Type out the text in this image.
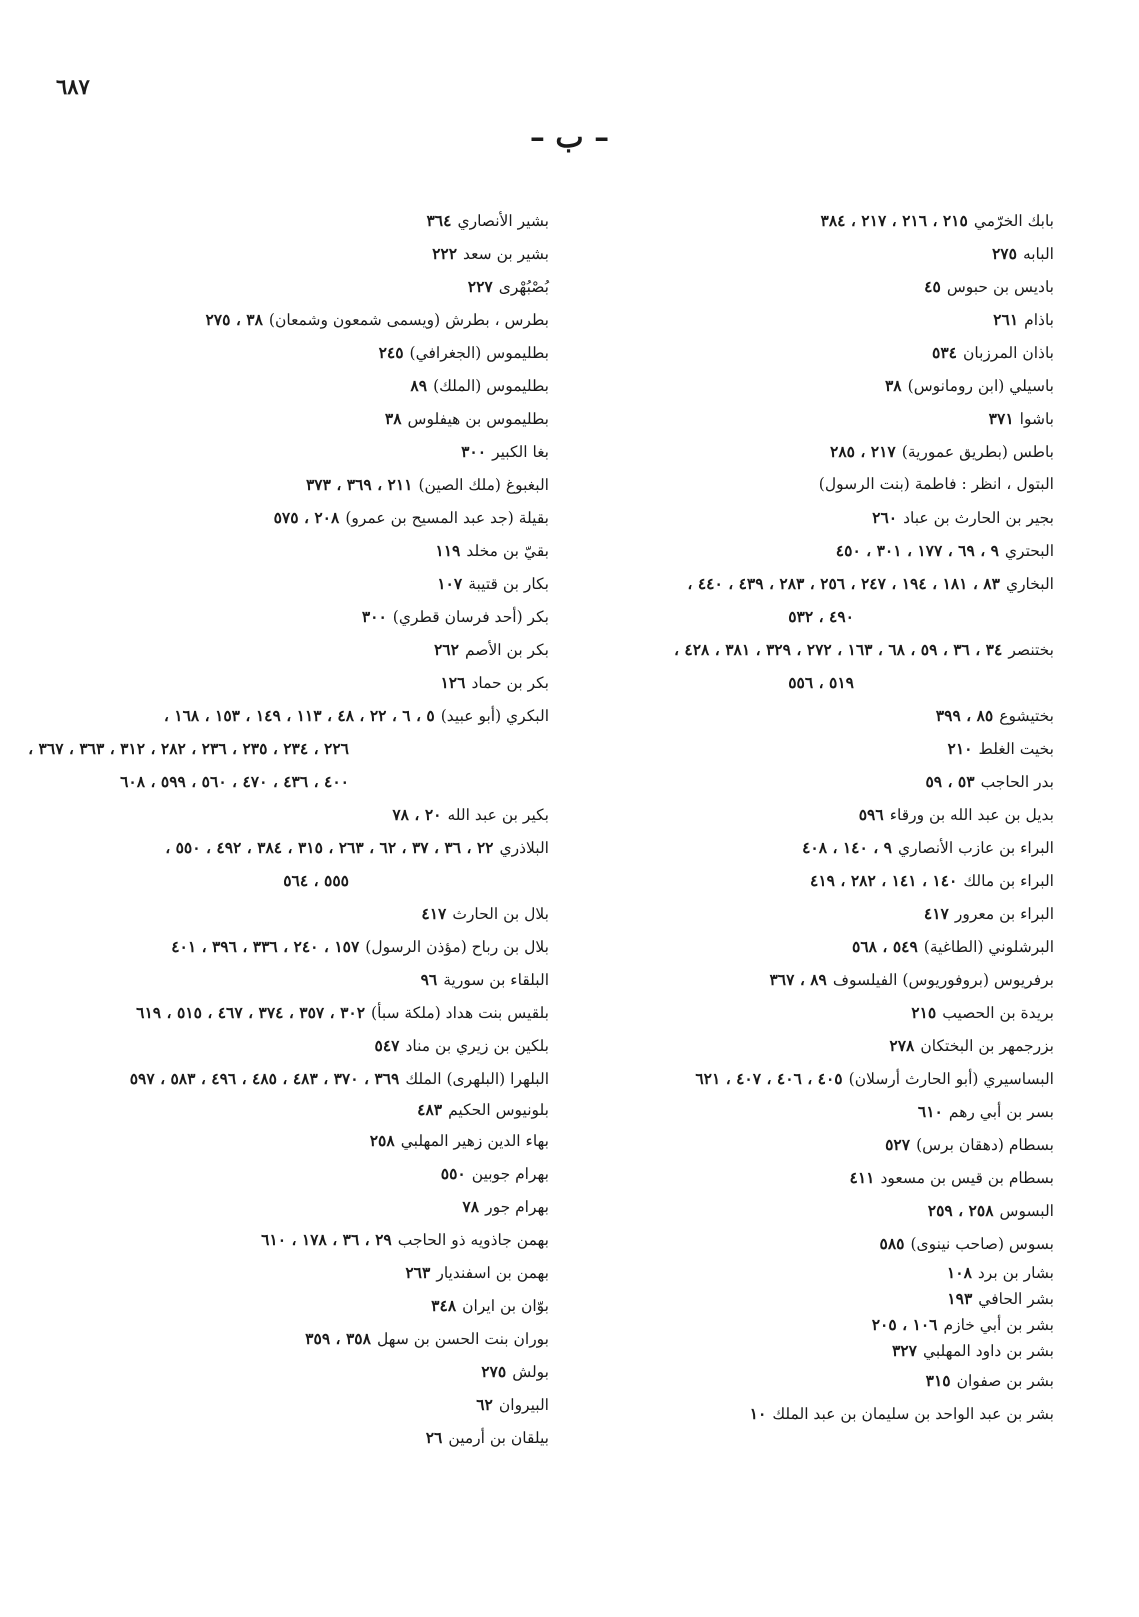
٦٨٧
– ب –
بابك الخرّمي٢١٥ ، ٢١٦ ، ٢١٧ ، ٣٨٤
البابه٢٧٥
باديس بن حبوس٤٥
باذام٢٦١
باذان المرزبان٥٣٤
باسيلي (ابن رومانوس)٣٨
باشوا٣٧١
باطس (بطريق عمورية)٢١٧ ، ٢٨٥
البتول ، انظر : فاطمة (بنت الرسول)
بجير بن الحارث بن عباد٢٦٠
البحتري٩ ، ٦٩ ، ١٧٧ ، ٣٠١ ، ٤٥٠
البخاري٨٣ ، ١٨١ ، ١٩٤ ، ٢٤٧ ، ٢٥٦ ، ٢٨٣ ، ٤٣٩ ، ٤٤٠ ،
٤٩٠ ، ٥٣٢
بختنصر٣٤ ، ٣٦ ، ٥٩ ، ٦٨ ، ١٦٣ ، ٢٧٢ ، ٣٢٩ ، ٣٨١ ، ٤٢٨ ،
٥١٩ ، ٥٥٦
بختيشوع٨٥ ، ٣٩٩
بخيت الغلط٢١٠
بدر الحاجب٥٣ ، ٥٩
بديل بن عبد الله بن ورقاء٥٩٦
البراء بن عازب الأنصاري٩ ، ١٤٠ ، ٤٠٨
البراء بن مالك١٤٠ ، ١٤١ ، ٢٨٢ ، ٤١٩
البراء بن معرور٤١٧
البرشلوني (الطاغية)٥٤٩ ، ٥٦٨
برفريوس (بروفوريوس) الفيلسوف٨٩ ، ٣٦٧
بريدة بن الحصيب٢١٥
بزرجمهر بن البختكان٢٧٨
البساسيري (أبو الحارث أرسلان)٤٠٥ ، ٤٠٦ ، ٤٠٧ ، ٦٢١
بسر بن أبي رهم٦١٠
بسطام (دهقان برس)٥٢٧
بسطام بن قيس بن مسعود٤١١
البسوس٢٥٨ ، ٢٥٩
بسوس (صاحب نينوى)٥٨٥
بشار بن برد١٠٨
بشر الحافي١٩٣
بشر بن أبي خازم١٠٦ ، ٢٠٥
بشر بن داود المهلبي٣٢٧
بشر بن صفوان٣١٥
بشر بن عبد الواحد بن سليمان بن عبد الملك١٠
بشير الأنصاري٣٦٤
بشير بن سعد٢٢٢
بُصْبُهْرى٢٢٧
بطرس ، بطرش (ويسمى شمعون وشمعان)٣٨ ، ٢٧٥
بطليموس (الجغرافي)٢٤٥
بطليموس (الملك)٨٩
بطليموس بن هيفلوس٣٨
بغا الكبير٣٠٠
البغبوغ (ملك الصين)٢١١ ، ٣٦٩ ، ٣٧٣
بقيلة (جد عبد المسيح بن عمرو)٢٠٨ ، ٥٧٥
بقيّ بن مخلد١١٩
بكار بن قتيبة١٠٧
بكر (أحد فرسان قطري)٣٠٠
بكر بن الأصم٢٦٢
بكر بن حماد١٢٦
البكري (أبو عبيد)٥ ، ٦ ، ٢٢ ، ٤٨ ، ١١٣ ، ١٤٩ ، ١٥٣ ، ١٦٨ ،
٢٢٦ ، ٢٣٤ ، ٢٣٥ ، ٢٣٦ ، ٢٨٢ ، ٣١٢ ، ٣٦٣ ، ٣٦٧ ،
٤٠٠ ، ٤٣٦ ، ٤٧٠ ، ٥٦٠ ، ٥٩٩ ، ٦٠٨
بكير بن عبد الله٢٠ ، ٧٨
البلاذري٢٢ ، ٣٦ ، ٣٧ ، ٦٢ ، ٢٦٣ ، ٣١٥ ، ٣٨٤ ، ٤٩٢ ، ٥٥٠ ،
٥٥٥ ، ٥٦٤
بلال بن الحارث٤١٧
بلال بن رباح (مؤذن الرسول)١٥٧ ، ٢٤٠ ، ٣٣٦ ، ٣٩٦ ، ٤٠١
البلقاء بن سورية٩٦
بلقيس بنت هداد (ملكة سبأ)٣٠٢ ، ٣٥٧ ، ٣٧٤ ، ٤٦٧ ، ٥١٥ ، ٦١٩
بلكين بن زيري بن مناد٥٤٧
البلهرا (البلهرى) الملك٣٦٩ ، ٣٧٠ ، ٤٨٣ ، ٤٨٥ ، ٤٩٦ ، ٥٨٣ ، ٥٩٧
بلونيوس الحكيم٤٨٣
بهاء الدين زهير المهلبي٢٥٨
بهرام جوبين٥٥٠
بهرام جور٧٨
بهمن جاذويه ذو الحاجب٢٩ ، ٣٦ ، ١٧٨ ، ٦١٠
بهمن بن اسفنديار٢٦٣
بوّان بن ايران٣٤٨
بوران بنت الحسن بن سهل٣٥٨ ، ٣٥٩
بولش٢٧٥
البيروان٦٢
بيلقان بن أرمين٢٦
